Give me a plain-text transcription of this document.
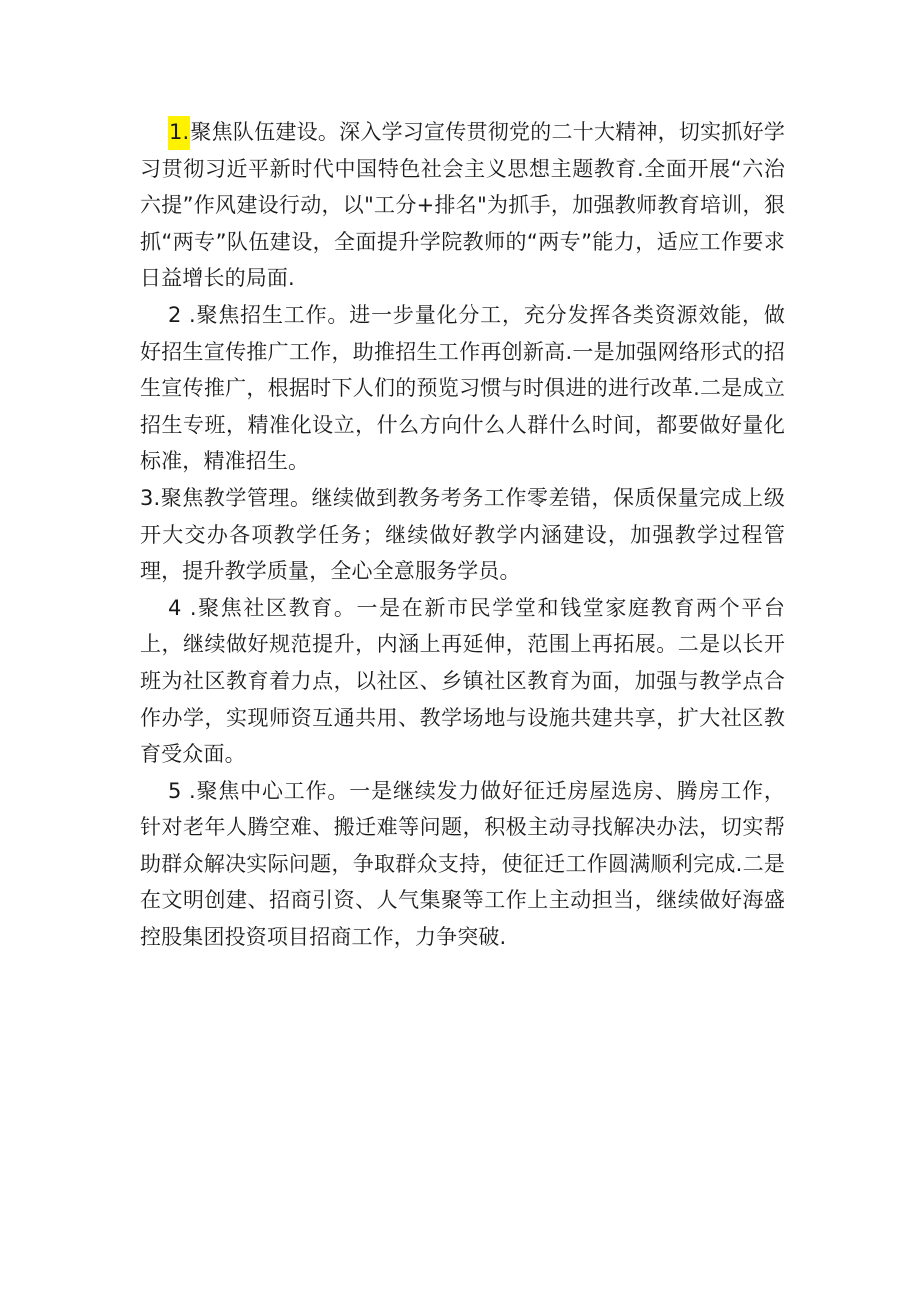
1.聚焦队伍建设。深入学习宣传贯彻党的二十大精神，切实抓好学习贯彻习近平新时代中国特色社会主义思想主题教育.全面开展“六治六提”作风建设行动，以"工分+排名"为抓手，加强教师教育培训，狠抓“两专”队伍建设，全面提升学院教师的“两专”能力，适应工作要求日益增长的局面.

2 .聚焦招生工作。进一步量化分工，充分发挥各类资源效能，做好招生宣传推广工作，助推招生工作再创新高.一是加强网络形式的招生宣传推广，根据时下人们的预览习惯与时俱进的进行改革.二是成立招生专班，精准化设立，什么方向什么人群什么时间，都要做好量化标准，精准招生。

3.聚焦教学管理。继续做到教务考务工作零差错，保质保量完成上级开大交办各项教学任务；继续做好教学内涵建设，加强教学过程管理，提升教学质量，全心全意服务学员。

4 .聚焦社区教育。一是在新市民学堂和钱堂家庭教育两个平台上，继续做好规范提升，内涵上再延伸，范围上再拓展。二是以长开班为社区教育着力点，以社区、乡镇社区教育为面，加强与教学点合作办学，实现师资互通共用、教学场地与设施共建共享，扩大社区教育受众面。

5 .聚焦中心工作。一是继续发力做好征迁房屋选房、腾房工作，针对老年人腾空难、搬迁难等问题，积极主动寻找解决办法，切实帮助群众解决实际问题，争取群众支持，使征迁工作圆满顺利完成.二是在文明创建、招商引资、人气集聚等工作上主动担当，继续做好海盛控股集团投资项目招商工作，力争突破.
